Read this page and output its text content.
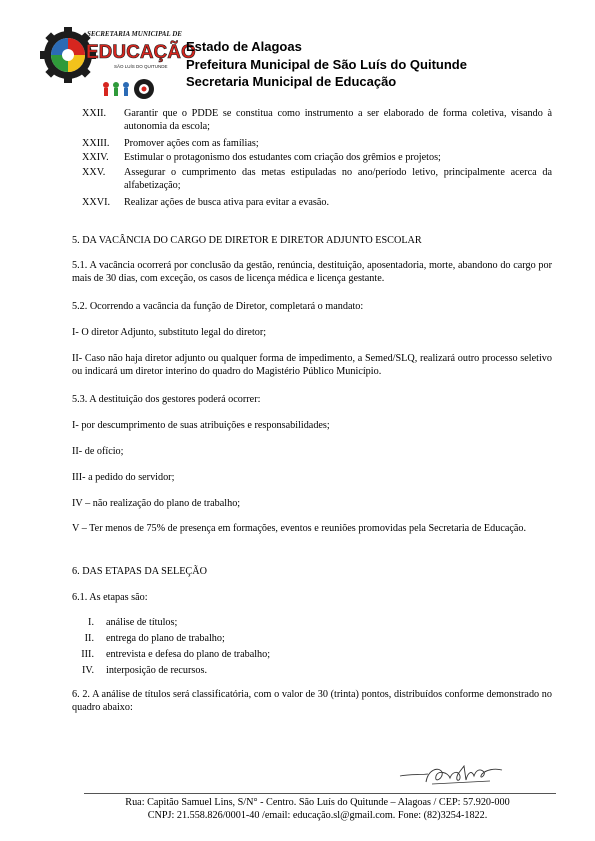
SECRETARIA MUNICIPAL DE
EDUCAÇÃO
SÃO LUÍS DO QUITUNDE
Estado de Alagoas
Prefeitura Municipal de São Luís do Quitunde
Secretaria Municipal de Educação
XXII.	Garantir que o PDDE se constitua como instrumento a ser elaborado de forma coletiva, visando à autonomia da escola;
XXIII.	Promover ações com as famílias;
XXIV.	Estimular o protagonismo dos estudantes com criação dos grêmios e projetos;
XXV.	Assegurar o cumprimento das metas estipuladas no ano/período letivo, principalmente acerca da alfabetização;
XXVI.	Realizar ações de busca ativa para evitar a evasão.
5. DA VACÂNCIA DO CARGO DE DIRETOR E DIRETOR ADJUNTO ESCOLAR
5.1. A vacância ocorrerá por conclusão da gestão, renúncia, destituição, aposentadoria, morte, abandono do cargo por mais de 30 dias, com exceção, os casos de licença médica e licença gestante.
5.2. Ocorrendo a vacância da função de Diretor, completará o mandato:
I- O diretor Adjunto, substituto legal do diretor;
II- Caso não haja diretor adjunto ou qualquer forma de impedimento, a Semed/SLQ, realizará outro processo seletivo ou indicará um diretor interino do quadro do Magistério Público Município.
5.3. A destituição dos gestores poderá ocorrer:
I- por descumprimento de suas atribuições e responsabilidades;
II- de ofício;
III- a pedido do servidor;
IV – não realização do plano de trabalho;
V – Ter menos de 75% de presença em formações, eventos e reuniões promovidas pela Secretaria de Educação.
6. DAS ETAPAS DA SELEÇÃO
6.1. As etapas são:
I. análise de títulos;
II. entrega do plano de trabalho;
III. entrevista e defesa do plano de trabalho;
IV. interposição de recursos.
6. 2. A análise de títulos será classificatória, com o valor de 30 (trinta) pontos, distribuídos conforme demonstrado no quadro abaixo:
Rua: Capitão Samuel Lins, S/N° - Centro. São Luís do Quitunde – Alagoas / CEP: 57.920-000
CNPJ: 21.558.826/0001-40 /email: educação.sl@gmail.com. Fone: (82)3254-1822.
